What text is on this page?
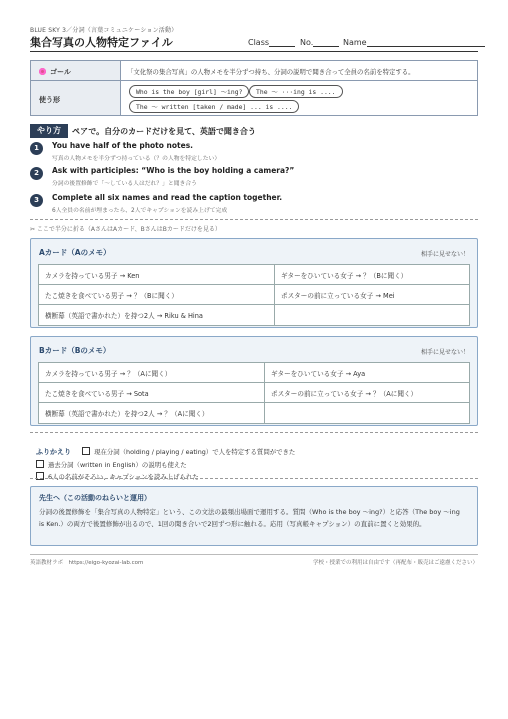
BLUE SKY 3／分詞（言葉コミュニケーション活動）
集合写真の人物特定ファイル	Class	No.	Name
ゴール	「文化祭の集合写真」の人物メモを半分ずつ持ち、分詞の説明で聞き合って全員の名前を特定する。
使う形
Who is the boy [girl] ～ing?	The ～ ···ing is ....
The ～ written [taken / made] ... is ....
やり方	ペアで。自分のカードだけを見て、英語で聞き合う
1	You have half of the photo notes.
写真の人物メモを半分ずつ持っている（？の人物を特定したい）
2	Ask with participles: “Who is the boy holding a camera?”
分詞の後置修飾で「～している人はだれ？」と聞き合う
3	Complete all six names and read the caption together.
6人全員の名前が埋まったら、2人でキャプションを読み上げて完成
✂ ここで半分に折る（AさんはAカード、BさんはBカードだけを見る）
Aカード（Aのメモ）	相手に見せない！
カメラを持っている男子 → Ken	ギターをひいている女子 → ？（Bに聞く）
たこ焼きを食べている男子 → ？（Bに聞く）	ポスターの前に立っている女子 → Mei
横断幕（英語で書かれた）を持つ2人 → Riku & Hina
Bカード（Bのメモ）	相手に見せない！
カメラを持っている男子 → ？（Aに聞く）	ギターをひいている女子 → Aya
たこ焼きを食べている男子 → Sota	ポスターの前に立っている女子 → ？（Aに聞く）
横断幕（英語で書かれた）を持つ2人 → ？（Aに聞く）
ふりかえり	現在分詞（holding / playing / eating）で人を特定する質問ができた
過去分詞（written in English）の説明も使えた
6人の名前がそろい、キャプションを読み上げられた
先生へ（この活動のねらいと運用）
分詞の後置修飾を「集合写真の人物特定」という、この文法の最頻出場面で運用する。質問（Who is the boy ～ing?）と応答（The boy ～ing is Ken.）の両方で後置修飾が出るので、1回の聞き合いで2回ずつ形に触れる。応用（写真帳キャプション）の直前に置くと効果的。
英語教材ラボ　https://eigo-kyozai-lab.com	学校・授業での利用は自由です（再配布・販売はご遠慮ください）
